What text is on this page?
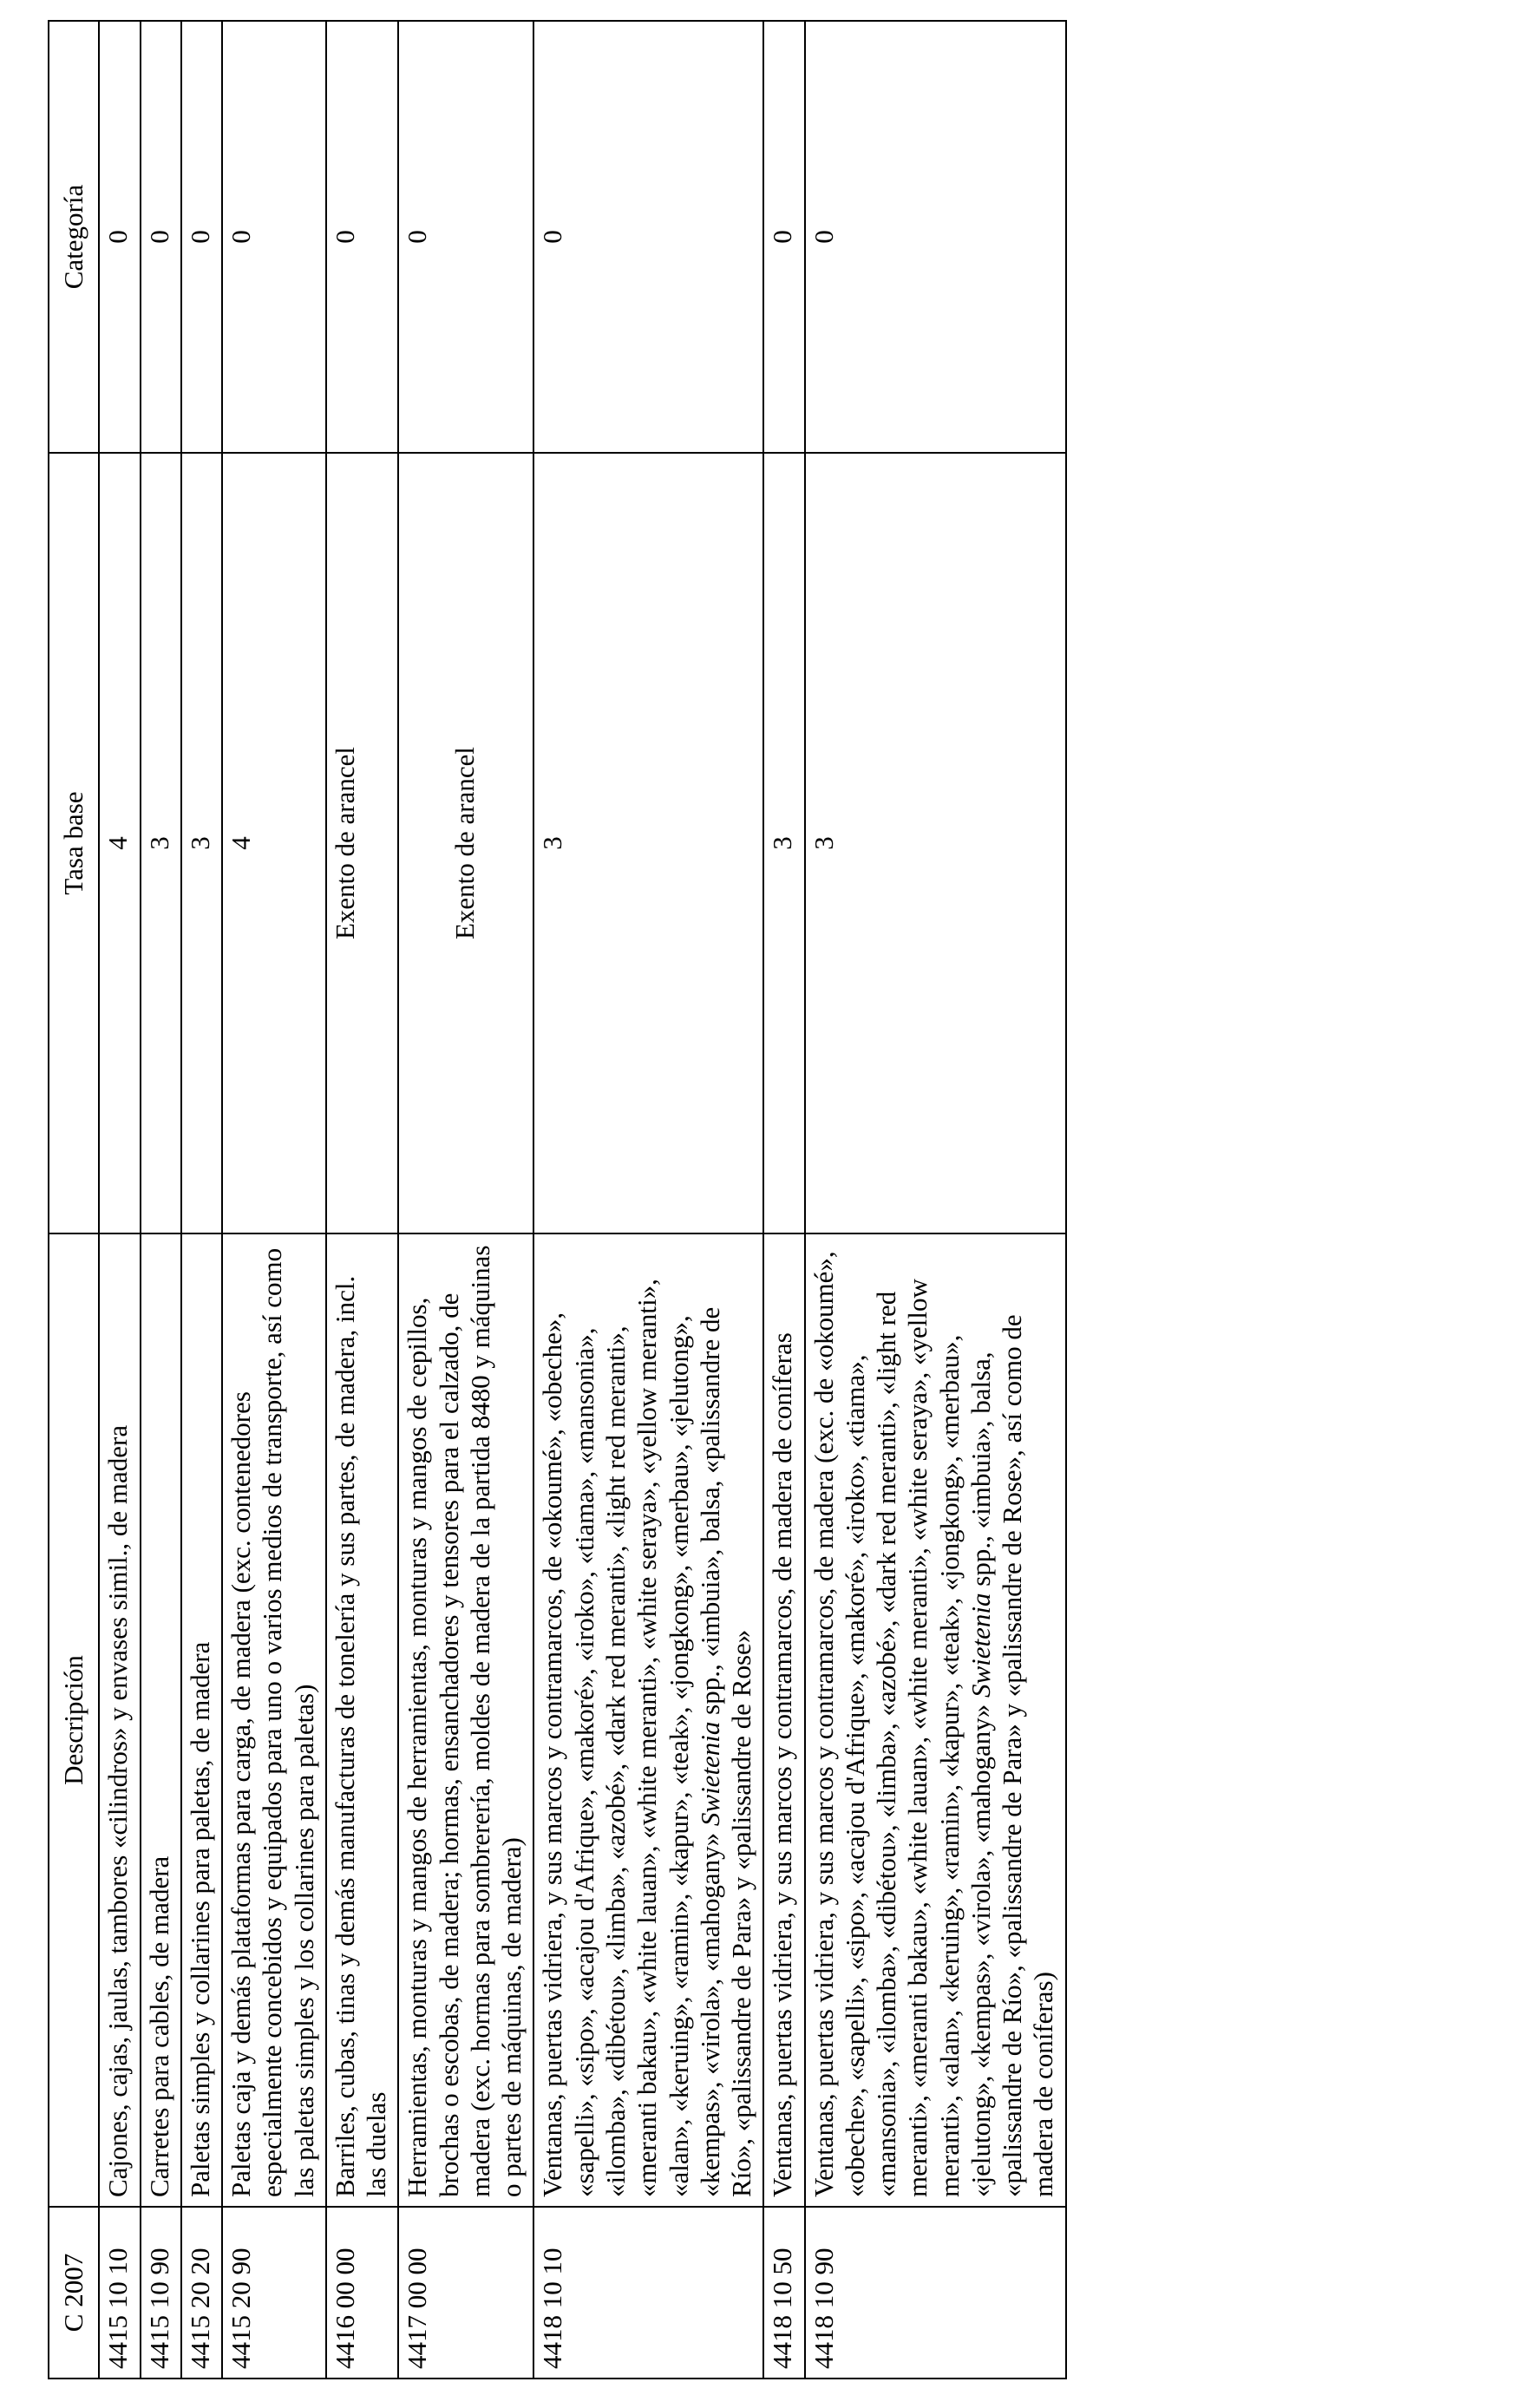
C 2007	Descripción	Tasa base	Categoría
4415 10 10	Cajones, cajas, jaulas, tambores «cilindros» y envases simil., de madera	4	0
4415 10 90	Carretes para cables, de madera	3	0
4415 20 20	Paletas simples y collarines para paletas, de madera	3	0
4415 20 90	Paletas caja y demás plataformas para carga, de madera (exc. contenedores especialmente concebidos y equipados para uno o varios medios de transporte, así como las paletas simples y los collarines para paletas)	4	0
4416 00 00	Barriles, cubas, tinas y demás manufacturas de tonelería y sus partes, de madera, incl. las duelas	Exento de arancel	0
4417 00 00	Herramientas, monturas y mangos de herramientas, monturas y mangos de cepillos, brochas o escobas, de madera; hormas, ensanchadores y tensores para el calzado, de madera (exc. hormas para sombrerería, moldes de madera de la partida 8480 y máquinas o partes de máquinas, de madera)	Exento de arancel	0
4418 10 10	Ventanas, puertas vidriera, y sus marcos y contramarcos, de «okoumé», «obeche», «sapelli», «sipo», «acajou d'Afrique», «makoré», «iroko», «tiama», «mansonia», «ilomba», «dibétou», «limba», «azobé», «dark red meranti», «light red meranti», «meranti bakau», «white lauan», «white meranti», «white seraya», «yellow meranti», «alan», «keruing», «ramin», «kapur», «teak», «jongkong», «merbau», «jelutong», «kempas», «virola», «mahogany» Swietenia spp., «imbuia», balsa, «palissandre de Río», «palissandre de Para» y «palissandre de Rose»	3	0
4418 10 50	Ventanas, puertas vidriera, y sus marcos y contramarcos, de madera de coníferas	3	0
4418 10 90	Ventanas, puertas vidriera, y sus marcos y contramarcos, de madera (exc. de «okoumé», «obeche», «sapelli», «sipo», «acajou d'Afrique», «makoré», «iroko», «tiama», «mansonia», «ilomba», «dibétou», «limba», «azobé», «dark red meranti», «light red meranti», «meranti bakau», «white lauan», «white meranti», «white seraya», «yellow meranti», «alan», «keruing», «ramin», «kapur», «teak», «jongkong», «merbau», «jelutong», «kempas», «virola», «mahogany» Swietenia spp., «imbuia», balsa, «palissandre de Río», «palissandre de Para» y «palissandre de Rose», así como de madera de coníferas)	3	0
